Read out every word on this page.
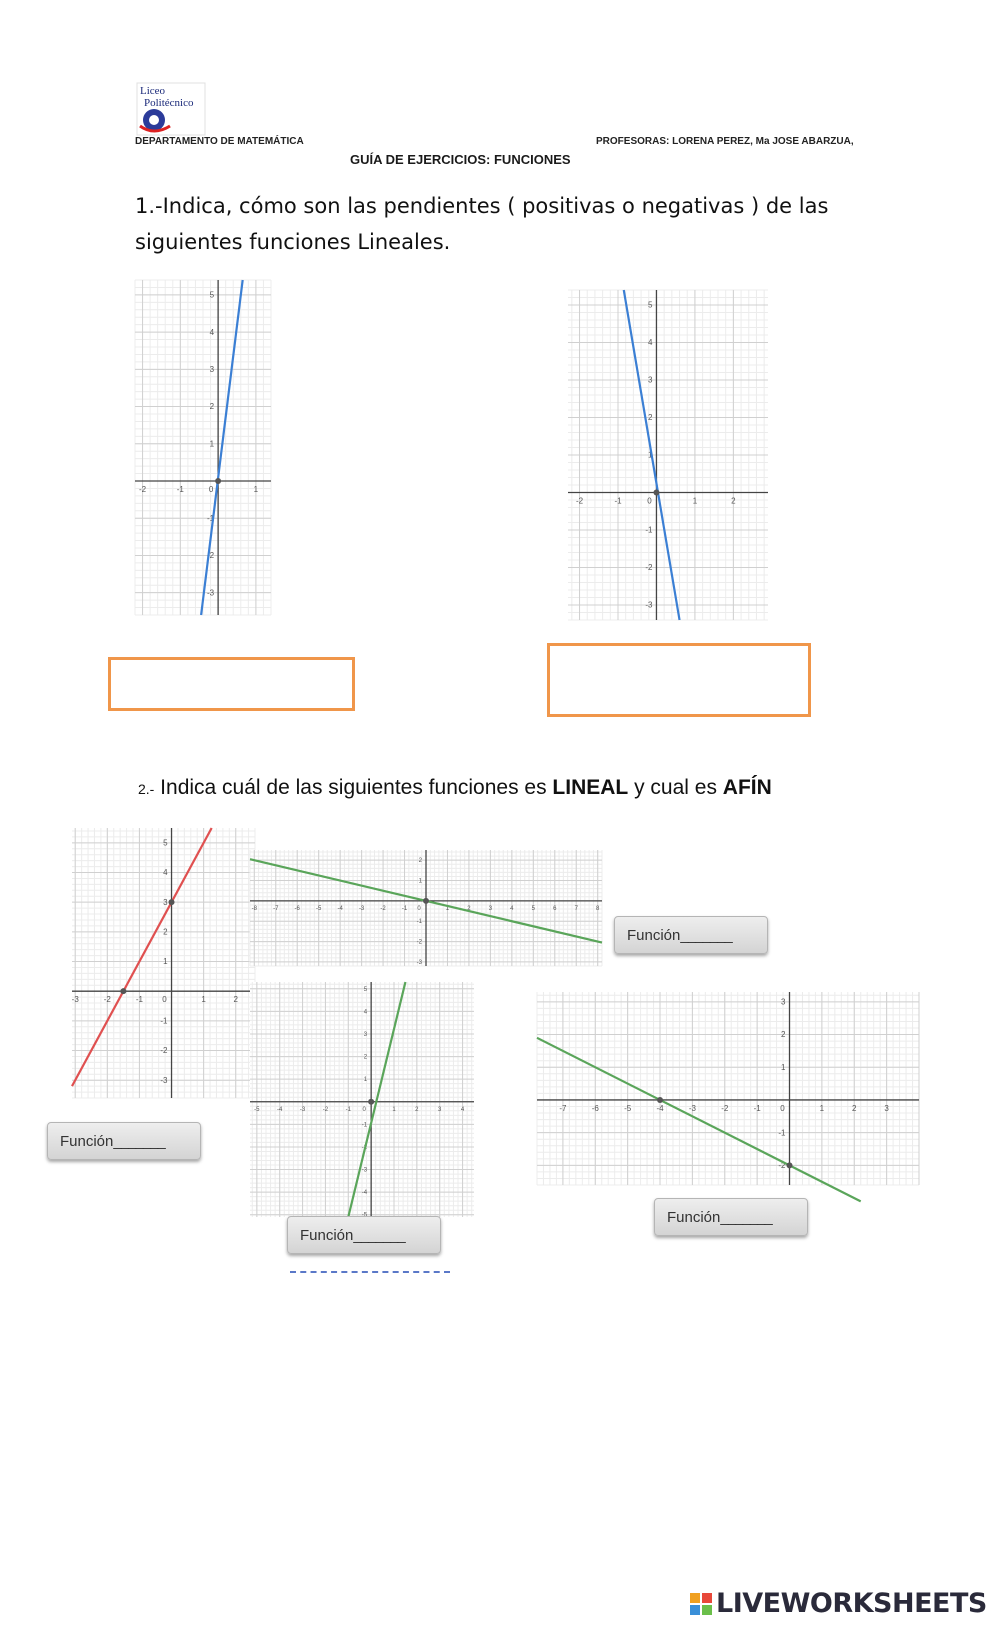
Liceo
Politécnico
DEPARTAMENTO DE MATEMÁTICA	PROFESORAS: LORENA PEREZ, Ma JOSE ABARZUA,
GUÍA DE EJERCICIOS: FUNCIONES
1.-Indica, cómo son las pendientes ( positivas o negativas ) de las
siguientes funciones Lineales.
-2	-1	0	1
-3
-2
-1
1
2
3
4
5
-2	-1	0	1	2
-3
-2
-1
1
2
3
4
5
2.- Indica cuál de las siguientes funciones es LINEAL y cual es AFÍN
-3	-2	-1 0	1	2
-3
-2
-1
1
2
3
4
5
-8	-7	-6	-5	-4	-3	-2	-1 0	1	2	3	4	5	6	7	8
-3
-2
-1
1
2
-5	-4	-3	-2	-1 0	1	2	3	4
-4
-3
-2
-1
1
2
3
4
5
-7	-6	-5	-4	-3	-2	-1 0	1	2	3
-2
-1
1
2
3
Función _______
Función _______
Función _______
Función _______
LIVEWORKSHEETS
